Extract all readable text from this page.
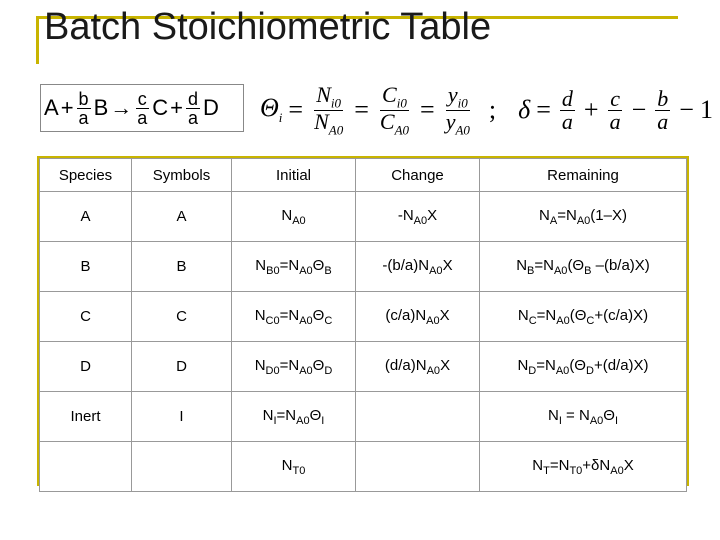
Batch Stoichiometric Table
$A + \frac{b}{a}$ $B \to \frac{c}{a}$ $C + \frac{d}{a}$ D $\Theta_i = \frac{N_{i0}}{N_{A0}} = \frac{C_{i0}}{C_{A0}} = \frac{y_{i0}}{y_{A0}}$ ; $\delta = \frac{d}{a} + \frac{c}{a} - \frac{b}{a} - 1$
Species	Symbols	Initial	Change	Remaining
A	A	$N_{A0}$	$-N_{A0}X$	$N_A=N_{A0}(1-X)$
B	B	$N_{B0}=N_{A0}\Theta_B$	$-(b/a)N_{A0}X$	$N_B=N_{A0}(\Theta_B$ –(b/a)X)
C	C	$N_{C0}=N_{A0}\Theta_C$	$(c/a)N_{A0}X$	$N_C=N_{A0}(\Theta_C+(c/a)X)$
D	D	$N_{D0}=N_{A0}\Theta_D$	$(d/a)N_{A0}X$	$N_D=N_{A0}(\Theta_D+(d/a)X)$
Inert	I	$N_I=N_{A0}\Theta_I$		$N_I = N_{A0}\Theta_I$
		$N_{T0}$		$N_T=N_{T0}+\delta N_{A0}X$
